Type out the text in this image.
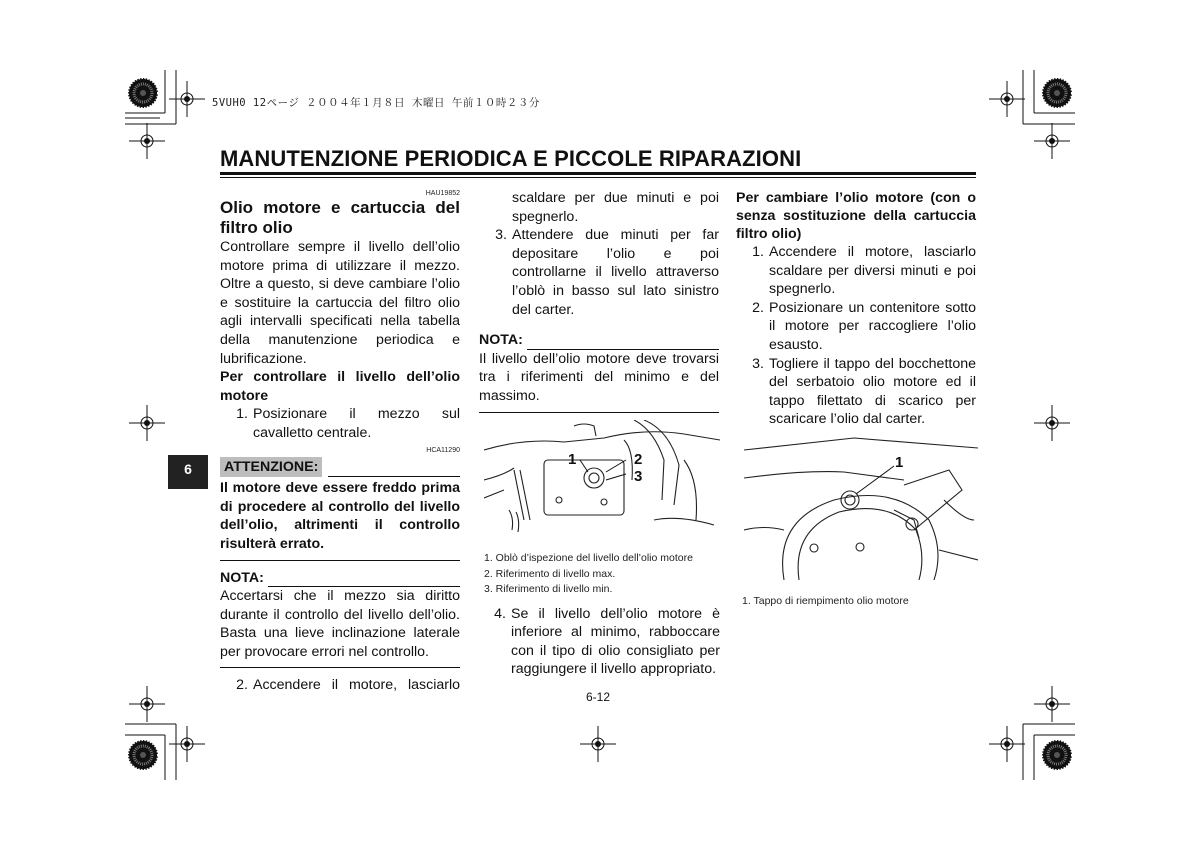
5VUH0 12ページ ２００４年１月８日 木曜日 午前１０時２３分
MANUTENZIONE PERIODICA E PICCOLE RIPARAZIONI
6
HAU19852

Olio motore e cartuccia del filtro olio

Controllare sempre il livello dell’olio motore prima di utilizzare il mezzo. Oltre a questo, si deve cambiare l’olio e sostituire la cartuccia del filtro olio agli intervalli specificati nella tabella della manutenzione periodica e lubrificazione.

Per controllare il livello dell’olio motore

1. Posizionare il mezzo sul cavalletto centrale.
HCA11290
ATTENZIONE:

Il motore deve essere freddo prima di procedere al controllo del livello dell’olio, altrimenti il controllo risulterà errato.

NOTA:

Accertarsi che il mezzo sia diritto durante il controllo del livello dell’olio. Basta una lieve inclinazione laterale per provocare errori nel controllo.

2. Accendere il motore, lasciarlo
scaldare per due minuti e poi spegnerlo.
3. Attendere due minuti per far depositare l’olio e poi controllarne il livello attraverso l’oblò in basso sul lato sinistro del carter.
NOTA:

Il livello dell’olio motore deve trovarsi tra i riferimenti del minimo e del massimo.

1	2
3
1. Oblò d’ispezione del livello dell’olio motore
2. Riferimento di livello max.
3. Riferimento di livello min.
4. Se il livello dell’olio motore è inferiore al minimo, rabboccare con il tipo di olio consigliato per raggiungere il livello appropriato.

Per cambiare l’olio motore (con o senza sostituzione della cartuccia filtro olio)

1. Accendere il motore, lasciarlo scaldare per diversi minuti e poi spegnerlo.
2. Posizionare un contenitore sotto il motore per raccogliere l’olio esausto.
3. Togliere il tappo del bocchettone del serbatoio olio motore ed il tappo filettato di scarico per scaricare l’olio dal carter.
1
1. Tappo di riempimento olio motore
6-12
